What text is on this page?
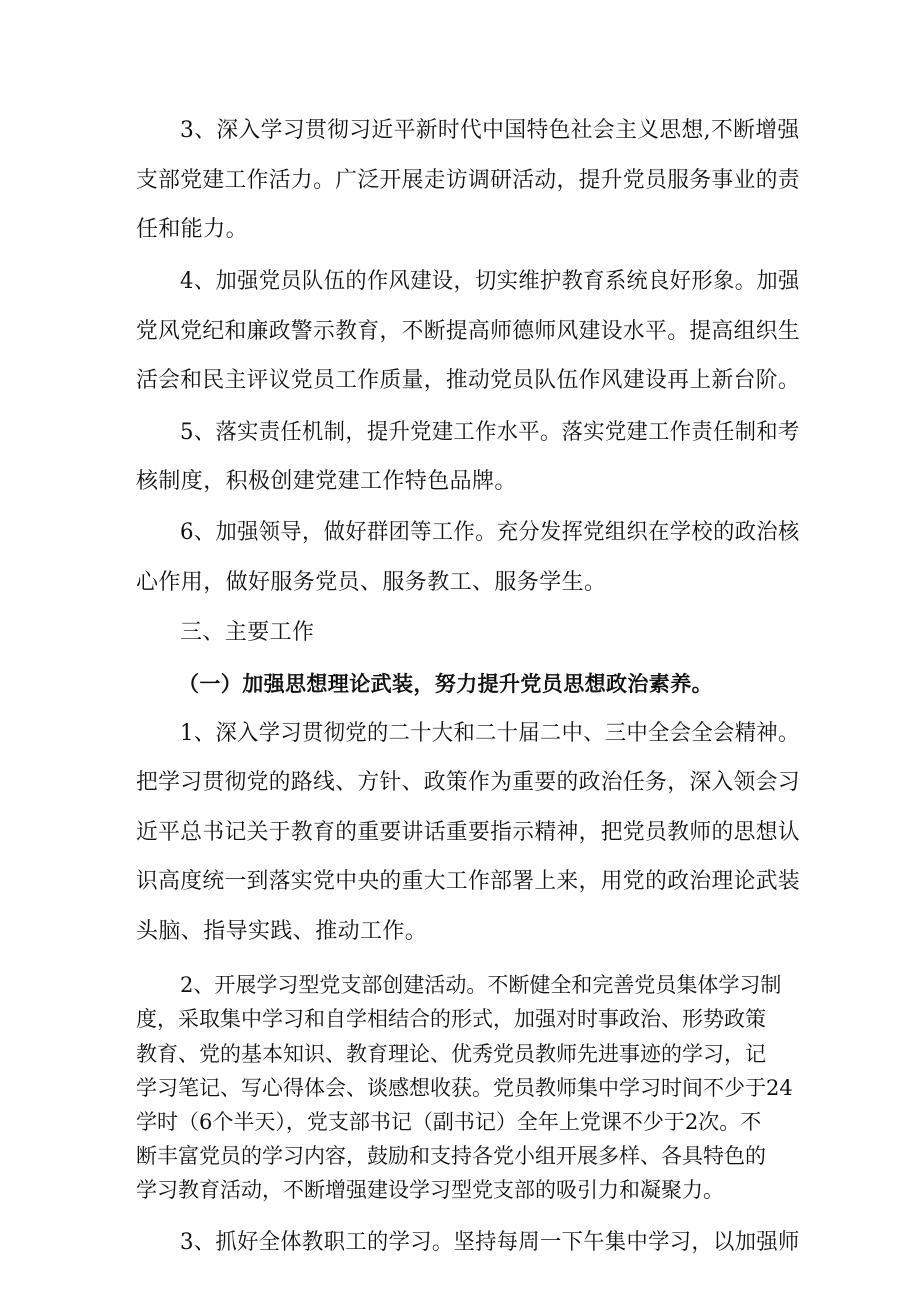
3、深入学习贯彻习近平新时代中国特色社会主义思想,不断增强
支部党建工作活力。广泛开展走访调研活动，提升党员服务事业的责
任和能力。
4、加强党员队伍的作风建设，切实维护教育系统良好形象。加强
党风党纪和廉政警示教育，不断提高师德师风建设水平。提高组织生
活会和民主评议党员工作质量，推动党员队伍作风建设再上新台阶。
5、落实责任机制，提升党建工作水平。落实党建工作责任制和考
核制度，积极创建党建工作特色品牌。
6、加强领导，做好群团等工作。充分发挥党组织在学校的政治核
心作用，做好服务党员、服务教工、服务学生。
三、主要工作
（一）加强思想理论武装，努力提升党员思想政治素养。
1、深入学习贯彻党的二十大和二十届二中、三中全会全会精神。
把学习贯彻党的路线、方针、政策作为重要的政治任务，深入领会习
近平总书记关于教育的重要讲话重要指示精神，把党员教师的思想认
识高度统一到落实党中央的重大工作部署上来，用党的政治理论武装
头脑、指导实践、推动工作。
2、开展学习型党支部创建活动。不断健全和完善党员集体学习制
度，采取集中学习和自学相结合的形式，加强对时事政治、形势政策
教育、党的基本知识、教育理论、优秀党员教师先进事迹的学习，记
学习笔记、写心得体会、谈感想收获。党员教师集中学习时间不少于24
学时（6个半天），党支部书记（副书记）全年上党课不少于2次。不
断丰富党员的学习内容，鼓励和支持各党小组开展多样、各具特色的
学习教育活动，不断增强建设学习型党支部的吸引力和凝聚力。
3、抓好全体教职工的学习。坚持每周一下午集中学习，以加强师
